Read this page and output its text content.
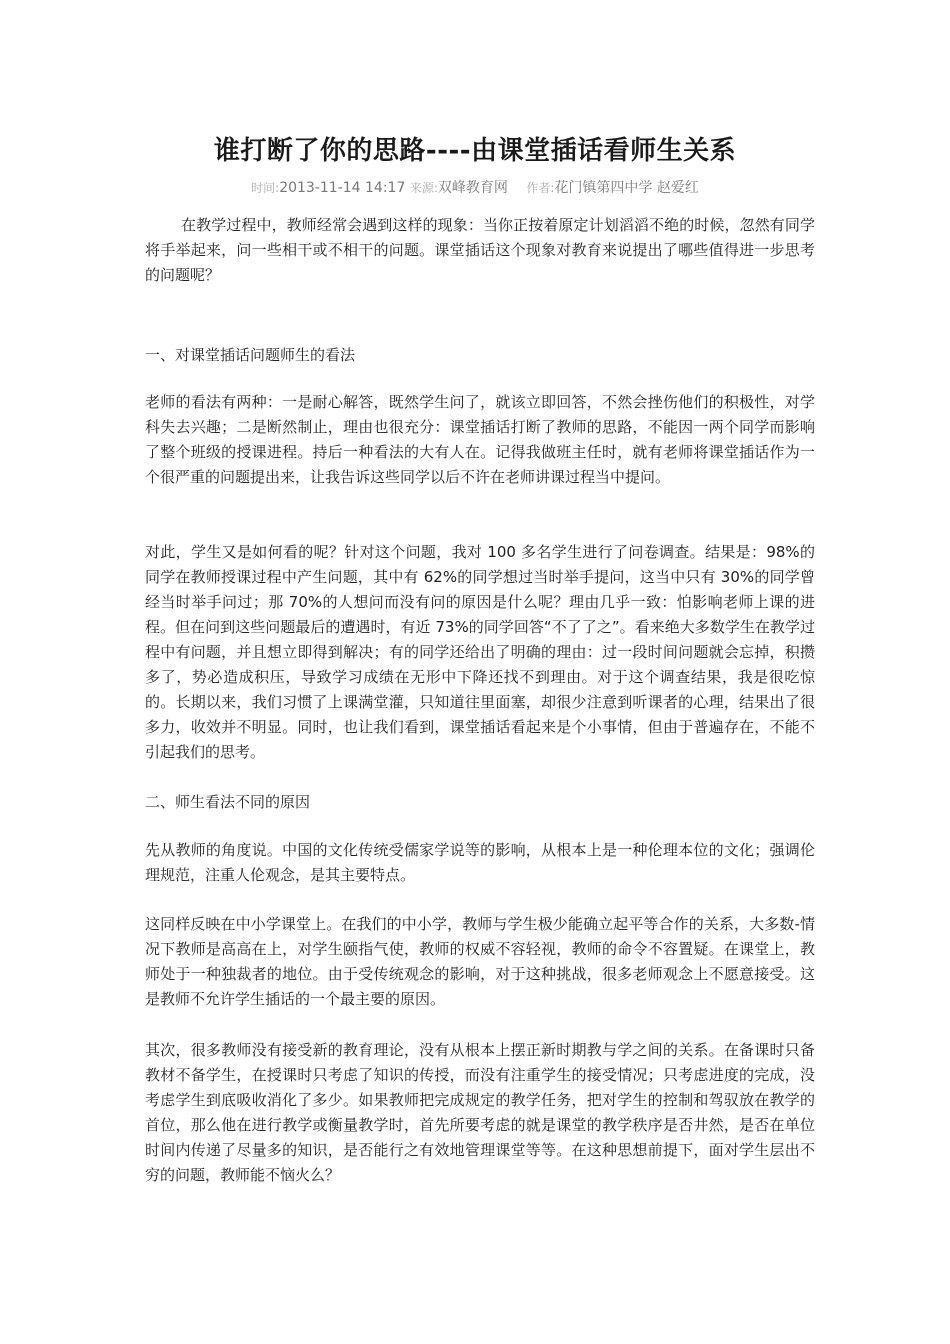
谁打断了你的思路----由课堂插话看师生关系
时间:2013-11-14 14:17 来源:双峰教育网 作者:花门镇第四中学 赵爱红

在教学过程中，教师经常会遇到这样的现象：当你正按着原定计划滔滔不绝的时候，忽然有同学将手举起来，问一些相干或不相干的问题。课堂插话这个现象对教育来说提出了哪些值得进一步思考的问题呢？

一、对课堂插话问题师生的看法

老师的看法有两种：一是耐心解答，既然学生问了，就该立即回答，不然会挫伤他们的积极性，对学科失去兴趣；二是断然制止，理由也很充分：课堂插话打断了教师的思路，不能因一两个同学而影响了整个班级的授课进程。持后一种看法的大有人在。记得我做班主任时，就有老师将课堂插话作为一个很严重的问题提出来，让我告诉这些同学以后不许在老师讲课过程当中提问。

对此，学生又是如何看的呢？针对这个问题，我对 100 多名学生进行了问卷调查。结果是：98%的同学在教师授课过程中产生问题，其中有 62%的同学想过当时举手提问，这当中只有 30%的同学曾经当时举手问过；那 70%的人想问而没有问的原因是什么呢？理由几乎一致：怕影响老师上课的进程。但在问到这些问题最后的遭遇时，有近 73%的同学回答“不了了之”。看来绝大多数学生在教学过程中有问题，并且想立即得到解决；有的同学还给出了明确的理由：过一段时间问题就会忘掉，积攒多了，势必造成积压，导致学习成绩在无形中下降还找不到理由。对于这个调查结果，我是很吃惊的。长期以来，我们习惯了上课满堂灌，只知道往里面塞，却很少注意到听课者的心理，结果出了很多力，收效并不明显。同时，也让我们看到，课堂插话看起来是个小事情，但由于普遍存在，不能不引起我们的思考。

二、师生看法不同的原因

先从教师的角度说。中国的文化传统受儒家学说等的影响，从根本上是一种伦理本位的文化；强调伦理规范，注重人伦观念，是其主要特点。

这同样反映在中小学课堂上。在我们的中小学，教师与学生极少能确立起平等合作的关系，大多数-情况下教师是高高在上，对学生颐指气使，教师的权威不容轻视，教师的命令不容置疑。在课堂上，教师处于一种独裁者的地位。由于受传统观念的影响，对于这种挑战，很多老师观念上不愿意接受。这是教师不允许学生插话的一个最主要的原因。

其次，很多教师没有接受新的教育理论，没有从根本上摆正新时期教与学之间的关系。在备课时只备教材不备学生，在授课时只考虑了知识的传授，而没有注重学生的接受情况；只考虑进度的完成，没考虑学生到底吸收消化了多少。如果教师把完成规定的教学任务，把对学生的控制和驾驭放在教学的首位，那么他在进行教学或衡量教学时，首先所要考虑的就是课堂的教学秩序是否井然，是否在单位时间内传递了尽量多的知识，是否能行之有效地管理课堂等等。在这种思想前提下，面对学生层出不穷的问题，教师能不恼火么？
